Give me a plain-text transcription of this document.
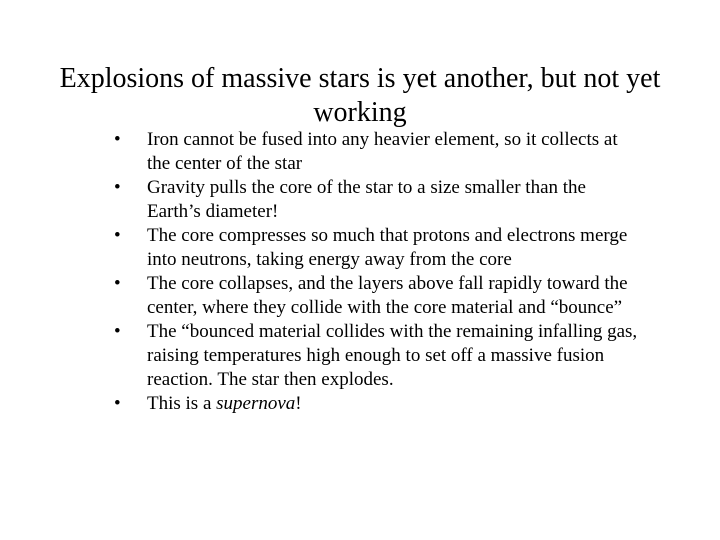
Explosions of massive stars is yet another, but not yet working
•	Iron cannot be fused into any heavier element, so it collects at the center of the star
•	Gravity pulls the core of the star to a size smaller than the Earth’s diameter!
•	The core compresses so much that protons and electrons merge into neutrons, taking energy away from the core
•	The core collapses, and the layers above fall rapidly toward the center, where they collide with the core material and “bounce”
•	The “bounced material collides with the remaining infalling gas, raising temperatures high enough to set off a massive fusion reaction. The star then explodes.
•	This is a supernova!
